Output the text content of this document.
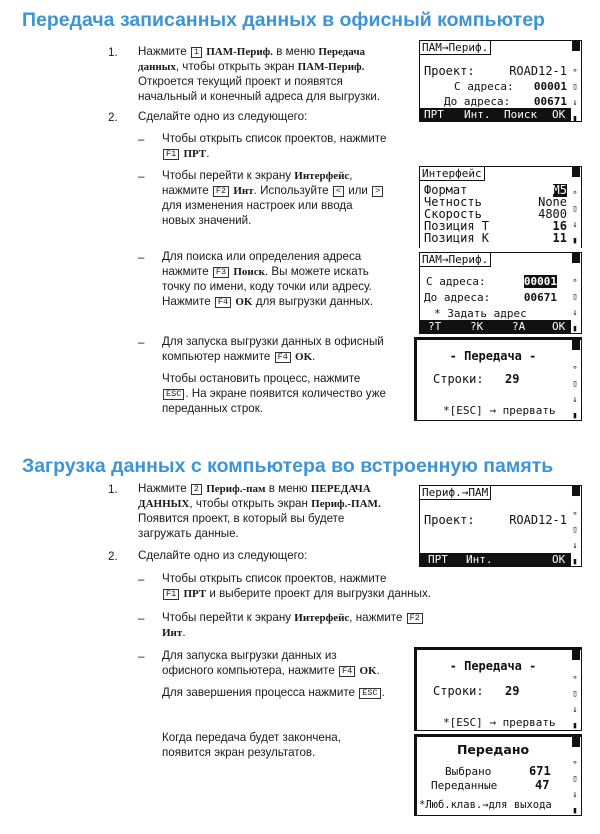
Передача записанных данных в офисный компьютер
1. Нажмите 1 ПАМ-Периф. в меню Передача
данных, чтобы открыть экран ПАМ-Периф.
Откроется текущий проект и появятся
начальный и конечный адреса для выгрузки.
2. Сделайте одно из следующего:
– Чтобы открыть список проектов, нажмите
F1 ПРТ.
– Чтобы перейти к экрану Интерфейс,
нажмите F2 Инт. Используйте < или >
для изменения настроек или ввода
новых значений.
– Для поиска или определения адреса
нажмите F3 Поиск. Вы можете искать
точку по имени, коду точки или адресу.
Нажмите F4 OK для выгрузки данных.
– Для запуска выгрузки данных в офисный
компьютер нажмите F4 OK.
Чтобы остановить процесс, нажмите
ESC . На экране появится количество уже
переданных строк.
ПАМ→Периф.
Проект:	ROAD12-1
С адреса: 00001
До адреса: 00671
ПРТ Инт. Поиск OK
∘

▯

↓

▮
Интерфейс
Формат	M5
Четность	None
Скорость	4800
Позиция Т	16
Позиция К	11
∘

▯

↓

▮
ПАМ→Периф.
С адреса:	00001
До адреса:	00671
* Задать адрес
?T	?K	?A OK
∘

▯

↓

▮
- Передача -
Строки: 29
*[ESC] → прервать
∘

▯

↓

▮
Загрузка данных с компьютера во встроенную память
1. Нажмите 2 Периф.-пам в меню ПЕРЕДАЧА
ДАННЫХ, чтобы открыть экран Периф.-ПАМ.
Появится проект, в который вы будете
загружать данные.
2. Сделайте одно из следующего:
– Чтобы открыть список проектов, нажмите
F1 ПРТ и выберите проект для выгрузки данных.
– Чтобы перейти к экрану Интерфейс, нажмите F2
Инт.
– Для запуска выгрузки данных из
офисного компьютера, нажмите F4 OK.
Для завершения процесса нажмите ESC .
Когда передача будет закончена,
появится экран результатов.
Периф.→ПАМ
Проект:	ROAD12-1
ПРТ Инт.	OK
∘

▯

↓

▮
- Передача -
Строки: 29
*[ESC] → прервать
∘

▯

↓

▮
Передано
Выбрано	671
Переданные	47
*Люб.клав.→для выхода
∘

▯

↓

▮
